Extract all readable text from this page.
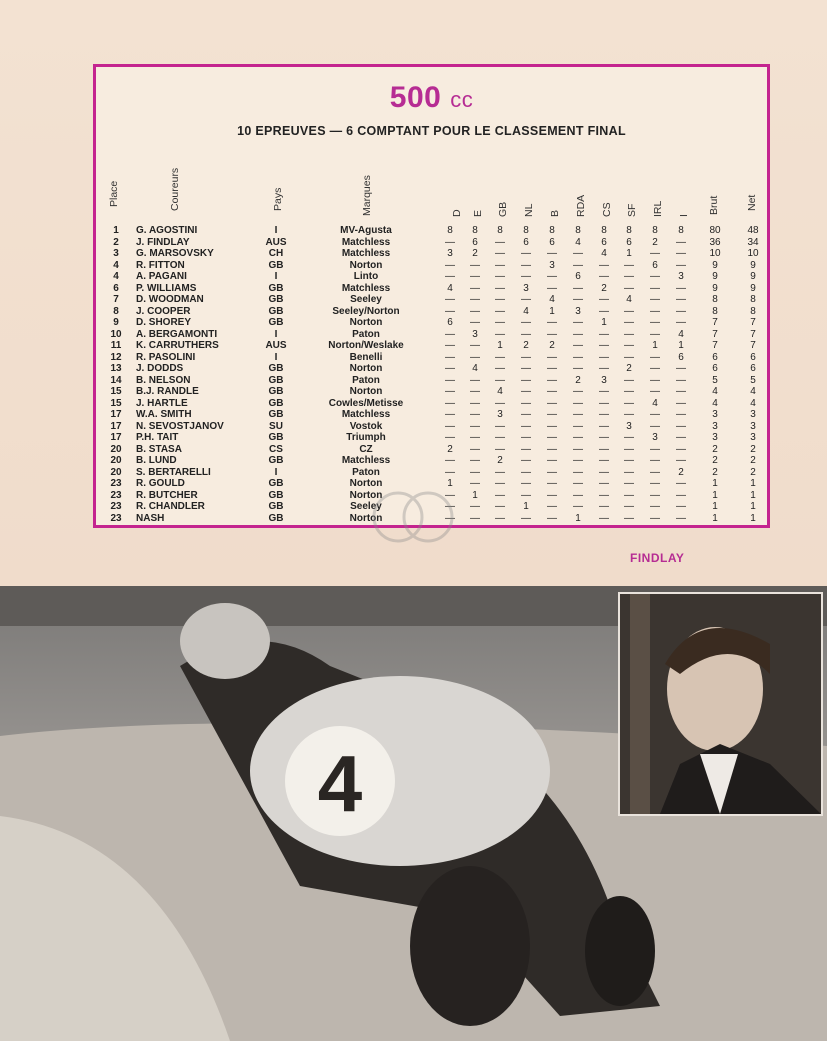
500 cc
10 EPREUVES — 6 COMPTANT POUR LE CLASSEMENT FINAL
Place	Coureurs	Pays	Marques	D E GB NL B RDA CS SF IRL I
Brut Net
1	G. AGOSTINI	I	MV-Agusta	8	8	8	8	8	8	8	8	8	8	80	48
2	J. FINDLAY	AUS	Matchless	—	6	—	6	6	4	6	6	2	—	36	34
3	G. MARSOVSKY	CH	Matchless	3	2	—	—	—	—	4	1	—	—	10	10
4	R. FITTON	GB	Norton	—	—	—	—	3	—	—	—	6	—	9	9
4	A. PAGANI	I	Linto	—	—	—	—	—	6	—	—	—	3	9	9
6	P. WILLIAMS	GB	Matchless	4	—	—	3	—	—	2	—	—	—	9	9
7	D. WOODMAN	GB	Seeley	—	—	—	—	4	—	—	4	—	—	8	8
8	J. COOPER	GB	Seeley/Norton	—	—	—	4	1	3	—	—	—	—	8	8
9	D. SHOREY	GB	Norton	6	—	—	—	—	—	1	—	—	—	7	7
10	A. BERGAMONTI	I	Paton	—	3	—	—	—	—	—	—	—	4	7	7
11	K. CARRUTHERS	AUS	Norton/Weslake	—	—	1	2	2	—	—	—	1	1	7	7
12	R. PASOLINI	I	Benelli	—	—	—	—	—	—	—	—	—	6	6	6
13	J. DODDS	GB	Norton	—	4	—	—	—	—	—	2	—	—	6	6
14	B. NELSON	GB	Paton	—	—	—	—	—	2	3	—	—	—	5	5
15	B.J. RANDLE	GB	Norton	—	—	4	—	—	—	—	—	—	—	4	4
15	J. HARTLE	GB	Cowles/Metisse	—	—	—	—	—	—	—	—	4	—	4	4
17	W.A. SMITH	GB	Matchless	—	—	3	—	—	—	—	—	—	—	3	3
17	N. SEVOSTJANOV	SU	Vostok	—	—	—	—	—	—	—	3	—	—	3	3
17	P.H. TAIT	GB	Triumph	—	—	—	—	—	—	—	—	3	—	3	3
20	B. STASA	CS	CZ	2	—	—	—	—	—	—	—	—	—	2	2
20	B. LUND	GB	Matchless	—	—	2	—	—	—	—	—	—	—	2	2
20	S. BERTARELLI	I	Paton	—	—	—	—	—	—	—	—	—	2	2	2
23	R. GOULD	GB	Norton	1	—	—	—	—	—	—	—	—	—	1	1
23	R. BUTCHER	GB	Norton	—	1	—	—	—	—	—	—	—	—	1	1
23	R. CHANDLER	GB	Seeley	—	—	—	1	—	—	—	—	—	—	1	1
23	NASH	GB	Norton	—	—	—	—	—	1	—	—	—	—	1	1
FINDLAY
4
